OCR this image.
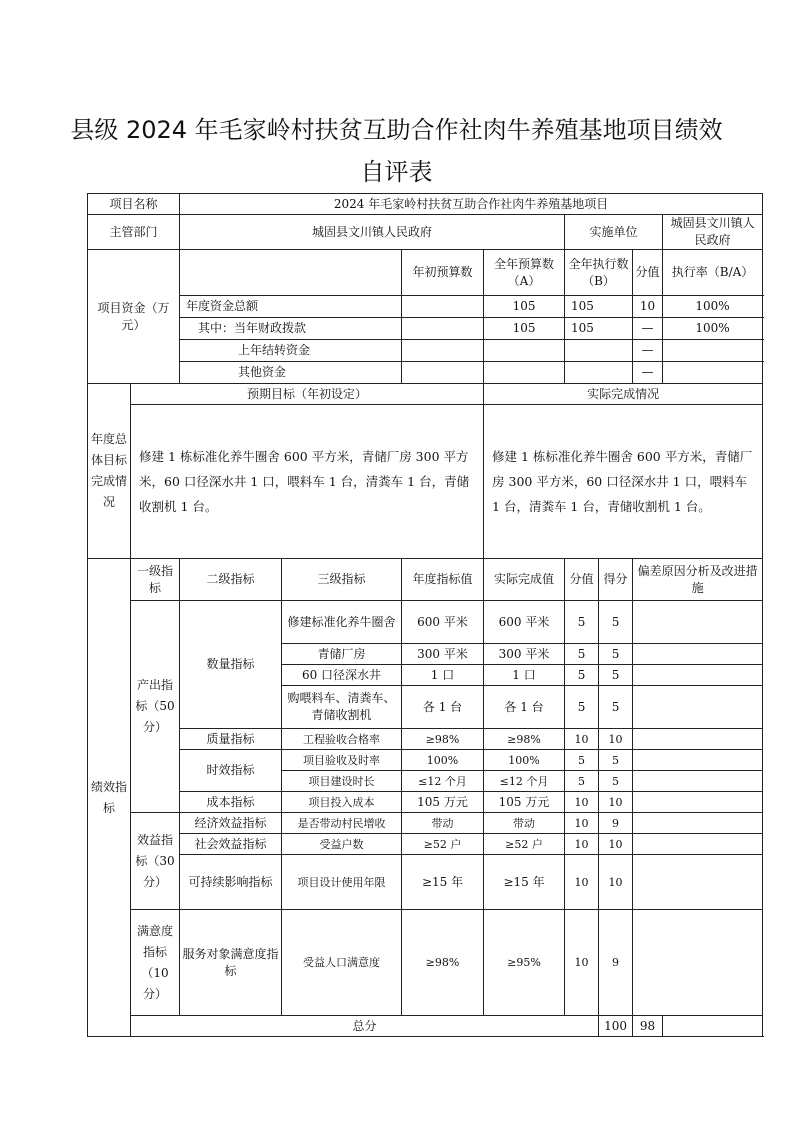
县级 2024 年毛家岭村扶贫互助合作社肉牛养殖基地项目绩效
自评表
项目名称		2024 年毛家岭村扶贫互助合作社肉牛养殖基地项目								
主管部门		城固县文川镇人民政府				实施单位			城固县文川镇人民政府	
项目资金（万元）				年初预算数	全年预算数（A）	全年执行数（B）		分值	执行率（B/A）	
		年度资金总额			105	105		10	100%	
		其中：当年财政拨款			105	105		—	100%	
		上年结转资金						—		
		其他资金						—		
年度总体目标完成情况	预期目标（年初设定）				实际完成情况					
	修建 1 栋标准化养牛圈舍 600 平方米，青储厂房 300 平方米，60 口径深水井 1 口，喂料车 1 台，清粪车 1 台，青储收割机 1 台。				修建 1 栋标准化养牛圈舍 600 平方米，青储厂房 300 平方米，60 口径深水井 1 口，喂料车 1 台，清粪车 1 台，青储收割机 1 台。					
绩效指标	一级指标	二级指标	三级指标	年度指标值	实际完成值	分值	得分	偏差原因分析及改进措施		
	产出指标（50分）	数量指标	修建标准化养牛圈舍	600 平米	600 平米	5	5			
			青储厂房	300 平米	300 平米	5	5			
			60 口径深水井	1 口	1 口	5	5			
			购喂料车、清粪车、青储收割机	各 1 台	各 1 台	5	5			
		质量指标	工程验收合格率	≥98%	≥98%	10	10			
		时效指标	项目验收及时率	100%	100%	5	5			
			项目建设时长	≤12 个月	≤12 个月	5	5			
		成本指标	项目投入成本	105 万元	105 万元	10	10			
	效益指标（30分）	经济效益指标	是否带动村民增收	带动	带动	10	9			
		社会效益指标	受益户数	≥52 户	≥52 户	10	10			
		可持续影响指标	项目设计使用年限	≥15 年	≥15 年	10	10			
	满意度指标（10分）	服务对象满意度指标	受益人口满意度	≥98%	≥95%	10	9			
	总分						100	98		
